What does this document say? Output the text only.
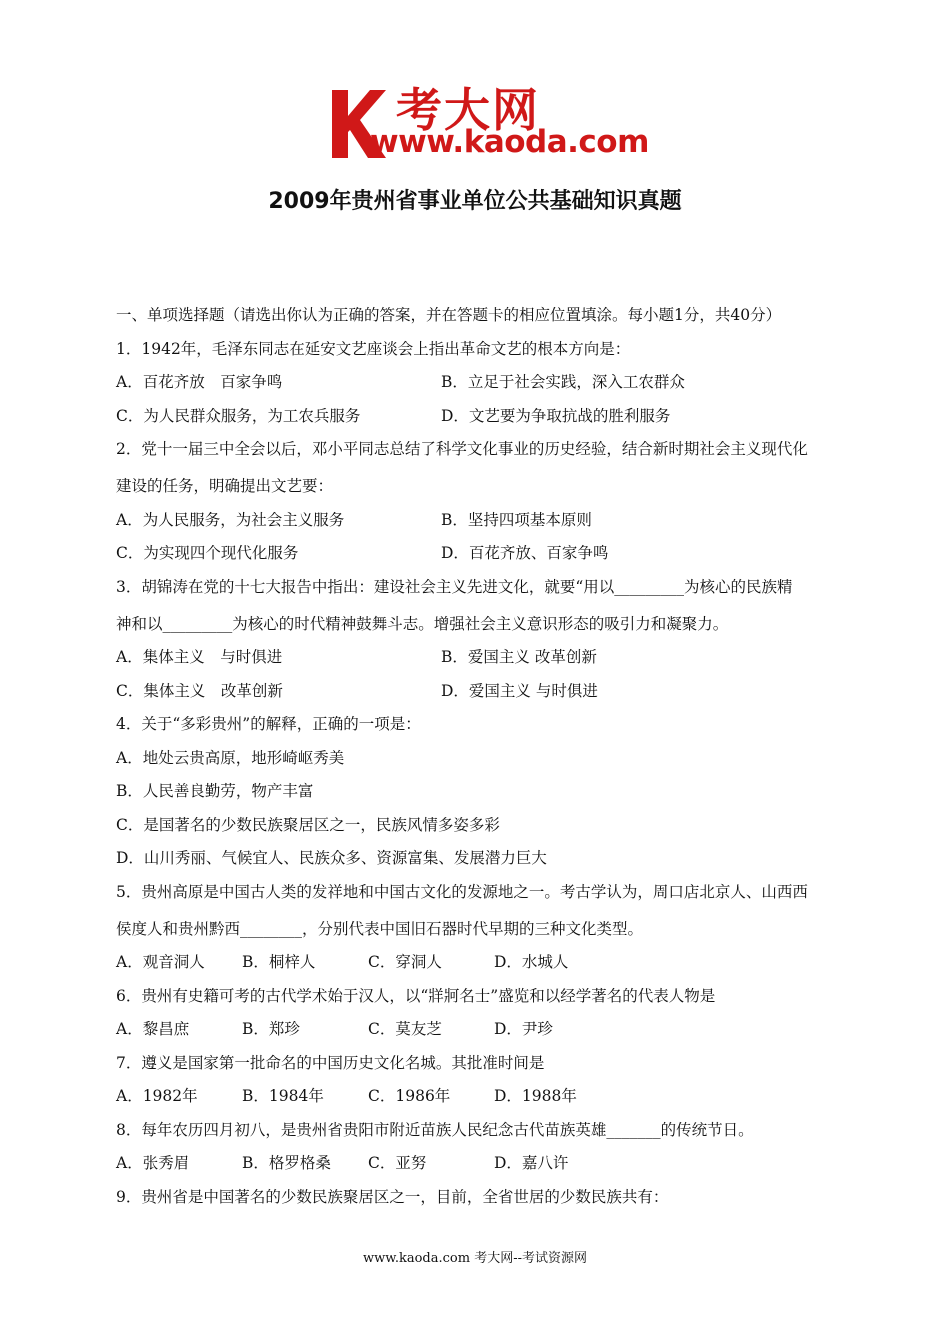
考大网
www.kaoda.com
2009年贵州省事业单位公共基础知识真题
一、单项选择题（请选出你认为正确的答案，并在答题卡的相应位置填涂。每小题1分，共40分）
1．1942年，毛泽东同志在延安文艺座谈会上指出革命文艺的根本方向是：
A．百花齐放　百家争鸣	B．立足于社会实践，深入工农群众
C．为人民群众服务，为工农兵服务	D．文艺要为争取抗战的胜利服务
2．党十一届三中全会以后，邓小平同志总结了科学文化事业的历史经验，结合新时期社会主义现代化
建设的任务，明确提出文艺要：
A．为人民服务，为社会主义服务	B．坚持四项基本原则
C．为实现四个现代化服务	D．百花齐放、百家争鸣
3．胡锦涛在党的十七大报告中指出：建设社会主义先进文化，就要“用以_________为核心的民族精
神和以_________为核心的时代精神鼓舞斗志。增强社会主义意识形态的吸引力和凝聚力。
A．集体主义　与时俱进	B．爱国主义 改革创新
C．集体主义　改革创新	D．爱国主义 与时俱进
4．关于“多彩贵州”的解释，正确的一项是：
A．地处云贵高原，地形崎岖秀美
B．人民善良勤劳，物产丰富
C．是国著名的少数民族聚居区之一，民族风情多姿多彩
D．山川秀丽、气候宜人、民族众多、资源富集、发展潜力巨大
5．贵州高原是中国古人类的发祥地和中国古文化的发源地之一。考古学认为，周口店北京人、山西西
侯度人和贵州黔西________，分别代表中国旧石器时代早期的三种文化类型。
A．观音洞人 B．桐梓人	C．穿洞人	D．水城人
6．贵州有史籍可考的古代学术始于汉人，以“牂牁名士”盛览和以经学著名的代表人物是
A．黎昌庶	B．郑珍	C．莫友芝	D．尹珍
7．遵义是国家第一批命名的中国历史文化名城。其批准时间是
A．1982年	B．1984年	C．1986年	D．1988年
8．每年农历四月初八，是贵州省贵阳市附近苗族人民纪念古代苗族英雄_______的传统节日。
A．张秀眉	B．格罗格桑 C．亚努	D．嘉八许
9．贵州省是中国著名的少数民族聚居区之一，目前，全省世居的少数民族共有：
www.kaoda.com 考大网--考试资源网
